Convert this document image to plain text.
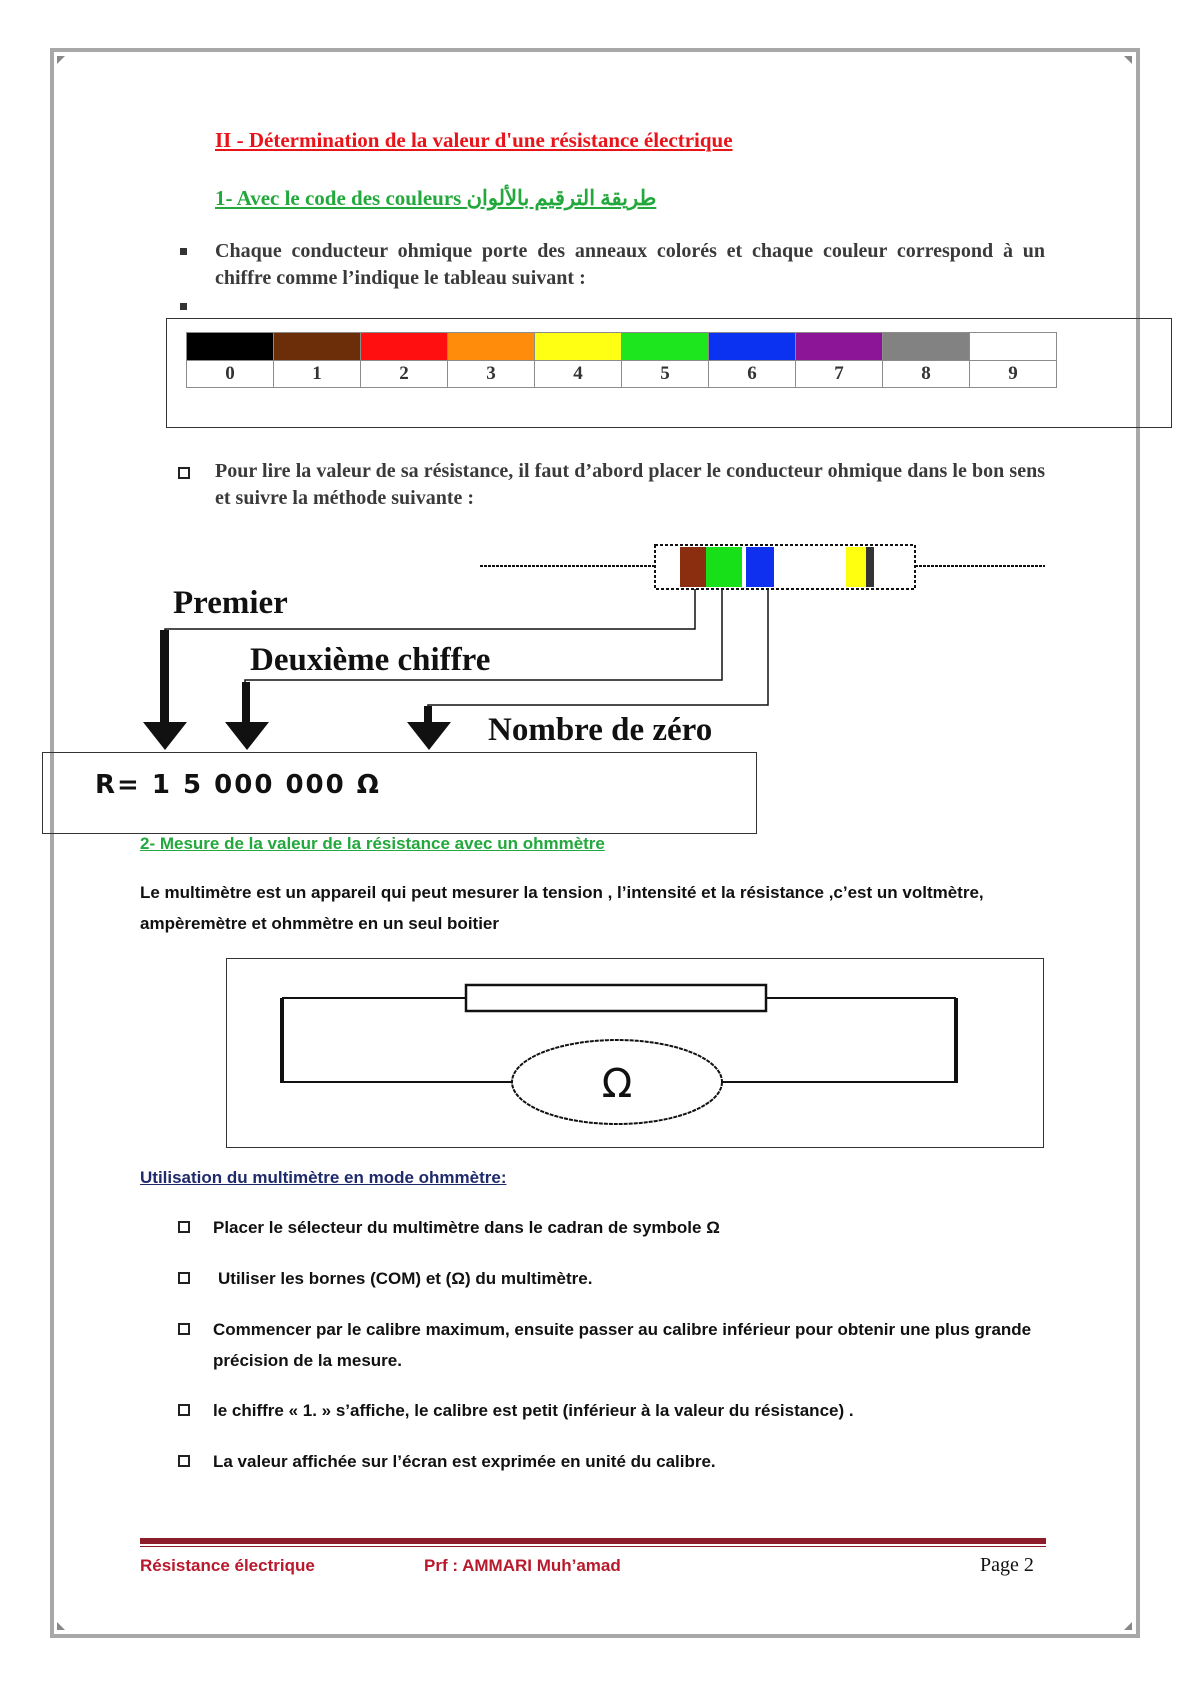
II - Détermination de la valeur d'une résistance électrique
1- Avec le code des couleurs طريقة الترقيم بالألوان
Chaque conducteur ohmique porte des anneaux colorés et chaque couleur correspond à un chiffre comme l’indique le tableau suivant :

0	1	2	3	4	5	6	7	8	9
Pour lire la valeur de sa résistance, il faut d’abord placer le conducteur ohmique dans le bon sens et suivre la méthode suivante :
Premier
Deuxième chiffre
Nombre de zéro
R= 1 5 000 000 Ω
2- Mesure de la valeur de la résistance avec un ohmmètre
Le multimètre est un appareil qui peut mesurer la tension , l’intensité et la résistance ,c’est un voltmètre, ampèremètre et ohmmètre en un seul boitier
Ω
Utilisation du multimètre en mode ohmmètre:
Placer le sélecteur du multimètre dans le cadran de symbole Ω
Utiliser les bornes (COM) et (Ω) du multimètre.
Commencer par le calibre maximum, ensuite passer au calibre inférieur pour obtenir une plus grande précision de la mesure.
le chiffre « 1. » s’affiche, le calibre est petit (inférieur à la valeur du résistance) .
La valeur affichée sur l’écran est exprimée en unité du calibre.
Résistance électrique	Prf : AMMARI Muh’amad	Page 2
